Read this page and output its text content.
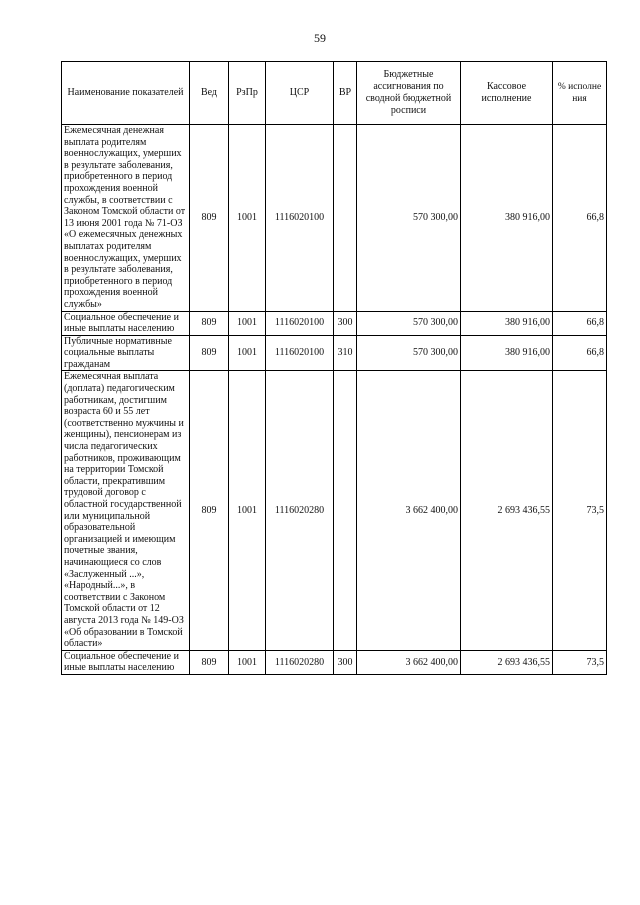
59
Наименование показателей	Вед	РзПр	ЦСР	ВР	Бюджетные ассигнования по сводной бюджетной росписи	Кассовое исполнение	% исполне ния
Ежемесячная денежная выплата родителям военнослужащих, умерших в результате заболевания, приобретенного в период прохождения военной службы, в соответствии с Законом Томской области от 13 июня 2001 года № 71-ОЗ «О ежемесячных денежных выплатах родителям военнослужащих, умерших в результате заболевания, приобретенного в период прохождения военной службы»	809	1001	1116020100		570 300,00	380 916,00	66,8
Социальное обеспечение и иные выплаты населению	809	1001	1116020100	300	570 300,00	380 916,00	66,8
Публичные нормативные социальные выплаты гражданам	809	1001	1116020100	310	570 300,00	380 916,00	66,8
Ежемесячная выплата (доплата) педагогическим работникам, достигшим возраста 60 и 55 лет (соответственно мужчины и женщины), пенсионерам из числа педагогических работников, проживающим на территории Томской области, прекратившим трудовой договор с областной государственной или муниципальной образовательной организацией и имеющим почетные звания, начинающиеся со слов «Заслуженный ...», «Народный...», в соответствии с Законом Томской области от 12 августа 2013 года № 149-ОЗ «Об образовании в Томской области»	809	1001	1116020280		3 662 400,00	2 693 436,55	73,5
Социальное обеспечение и иные выплаты населению	809	1001	1116020280	300	3 662 400,00	2 693 436,55	73,5
